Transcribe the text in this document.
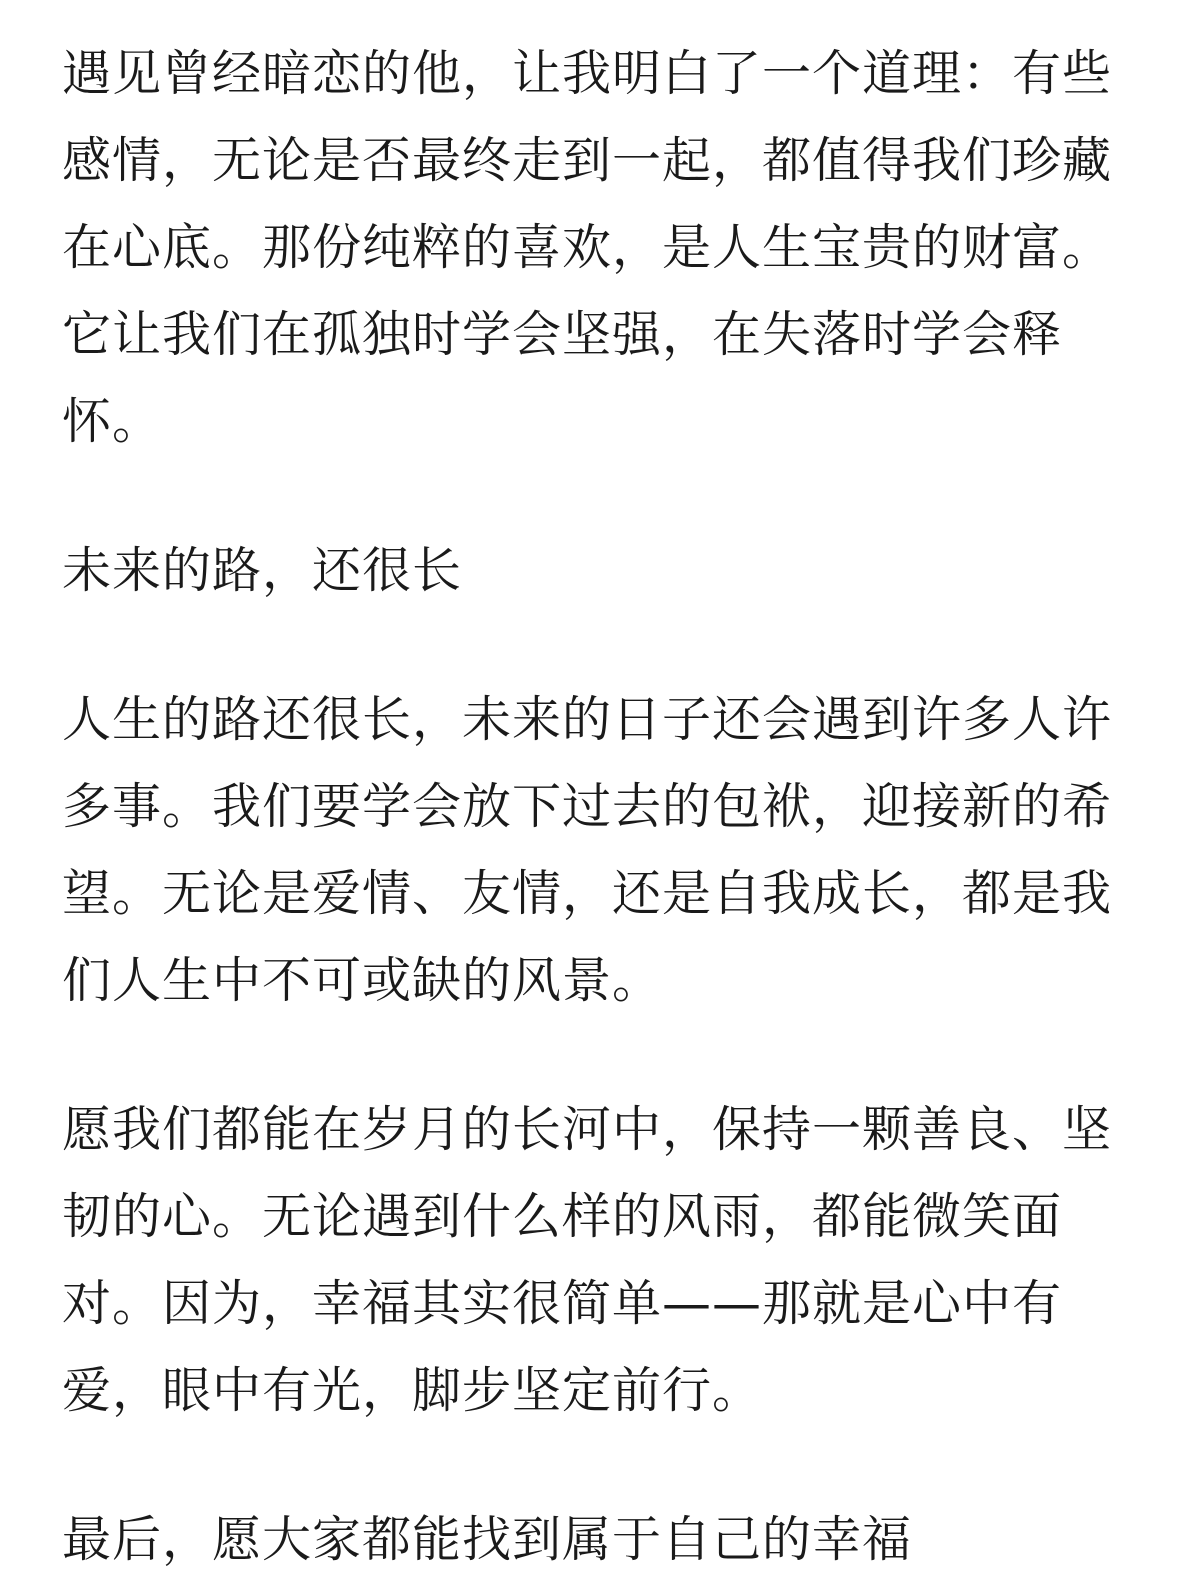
遇见曾经暗恋的他，让我明白了一个道理：有些感情，无论是否最终走到一起，都值得我们珍藏在心底。那份纯粹的喜欢，是人生宝贵的财富。它让我们在孤独时学会坚强，在失落时学会释怀。

未来的路，还很长

人生的路还很长，未来的日子还会遇到许多人许多事。我们要学会放下过去的包袱，迎接新的希望。无论是爱情、友情，还是自我成长，都是我们人生中不可或缺的风景。

愿我们都能在岁月的长河中，保持一颗善良、坚韧的心。无论遇到什么样的风雨，都能微笑面对。因为，幸福其实很简单——那就是心中有爱，眼中有光，脚步坚定前行。

最后，愿大家都能找到属于自己的幸福
